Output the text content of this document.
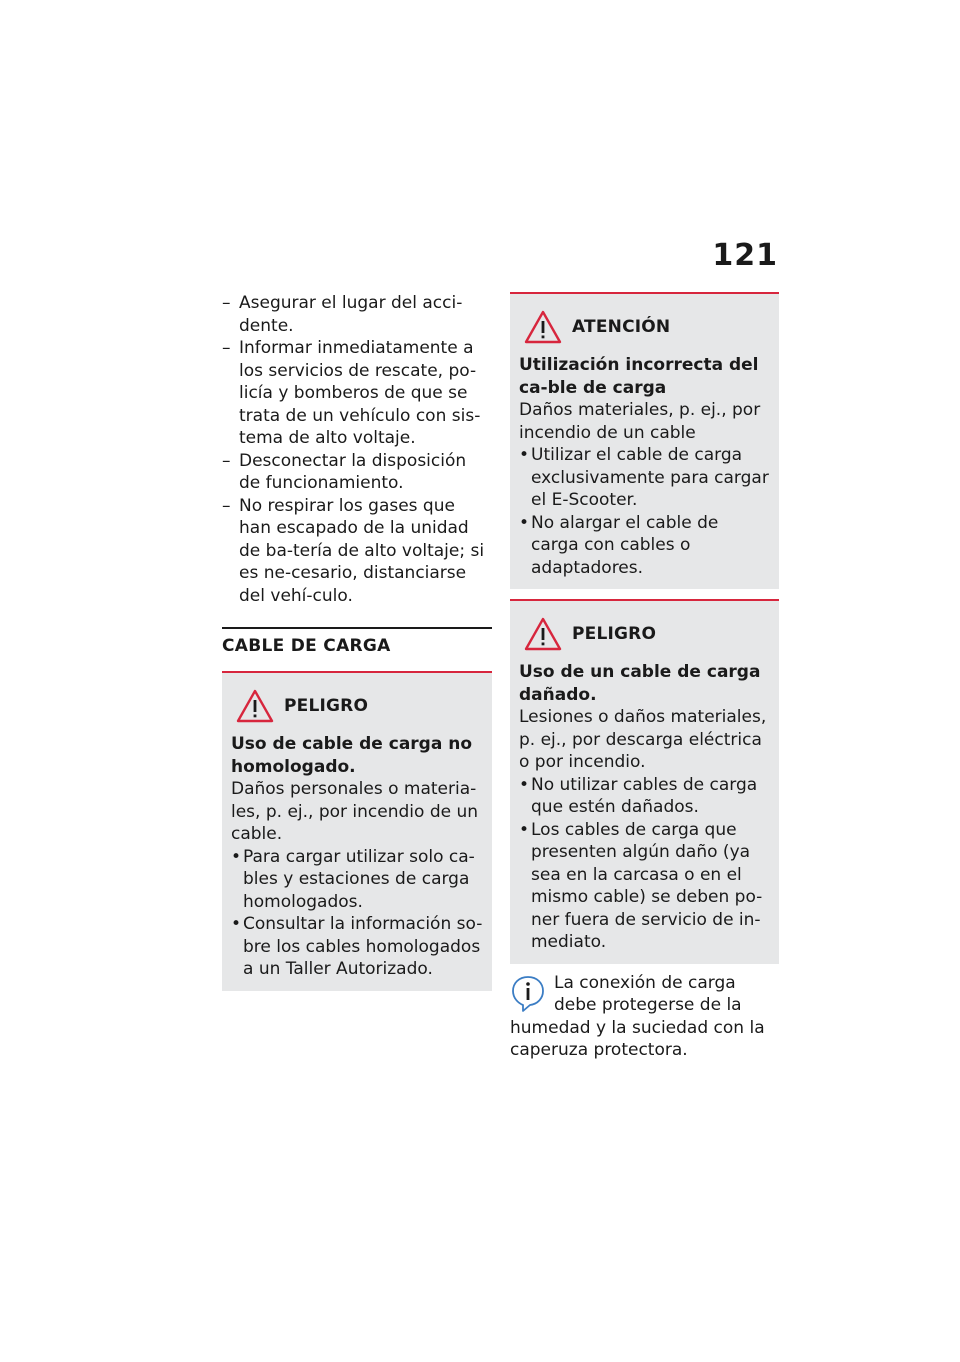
121
– Asegurar el lugar del acci-dente.
– Informar inmediatamente a los servicios de rescate, po-licía y bomberos de que se trata de un vehículo con sis-tema de alto voltaje.
– Desconectar la disposición de funcionamiento.
– No respirar los gases que han escapado de la unidad de ba-tería de alto voltaje; si es ne-cesario, distanciarse del vehí-culo.
CABLE DE CARGA
PELIGRO
Uso de cable de carga no homologado.
Daños personales o materia-les, p. ej., por incendio de un cable.
• Para cargar utilizar solo ca-bles y estaciones de carga homologados.
• Consultar la información so-bre los cables homologados a un Taller Autorizado.
ATENCIÓN
Utilización incorrecta del ca-ble de carga
Daños materiales, p. ej., por incendio de un cable
• Utilizar el cable de carga exclusivamente para cargar el E-Scooter.
• No alargar el cable de carga con cables o adaptadores.
PELIGRO
Uso de un cable de carga dañado.
Lesiones o daños materiales, p. ej., por descarga eléctrica o por incendio.
• No utilizar cables de carga que estén dañados.
• Los cables de carga que presenten algún daño (ya sea en la carcasa o en el mismo cable) se deben po-ner fuera de servicio de in-mediato.
La conexión de carga debe protegerse de la humedad y la suciedad con la caperuza protectora.
